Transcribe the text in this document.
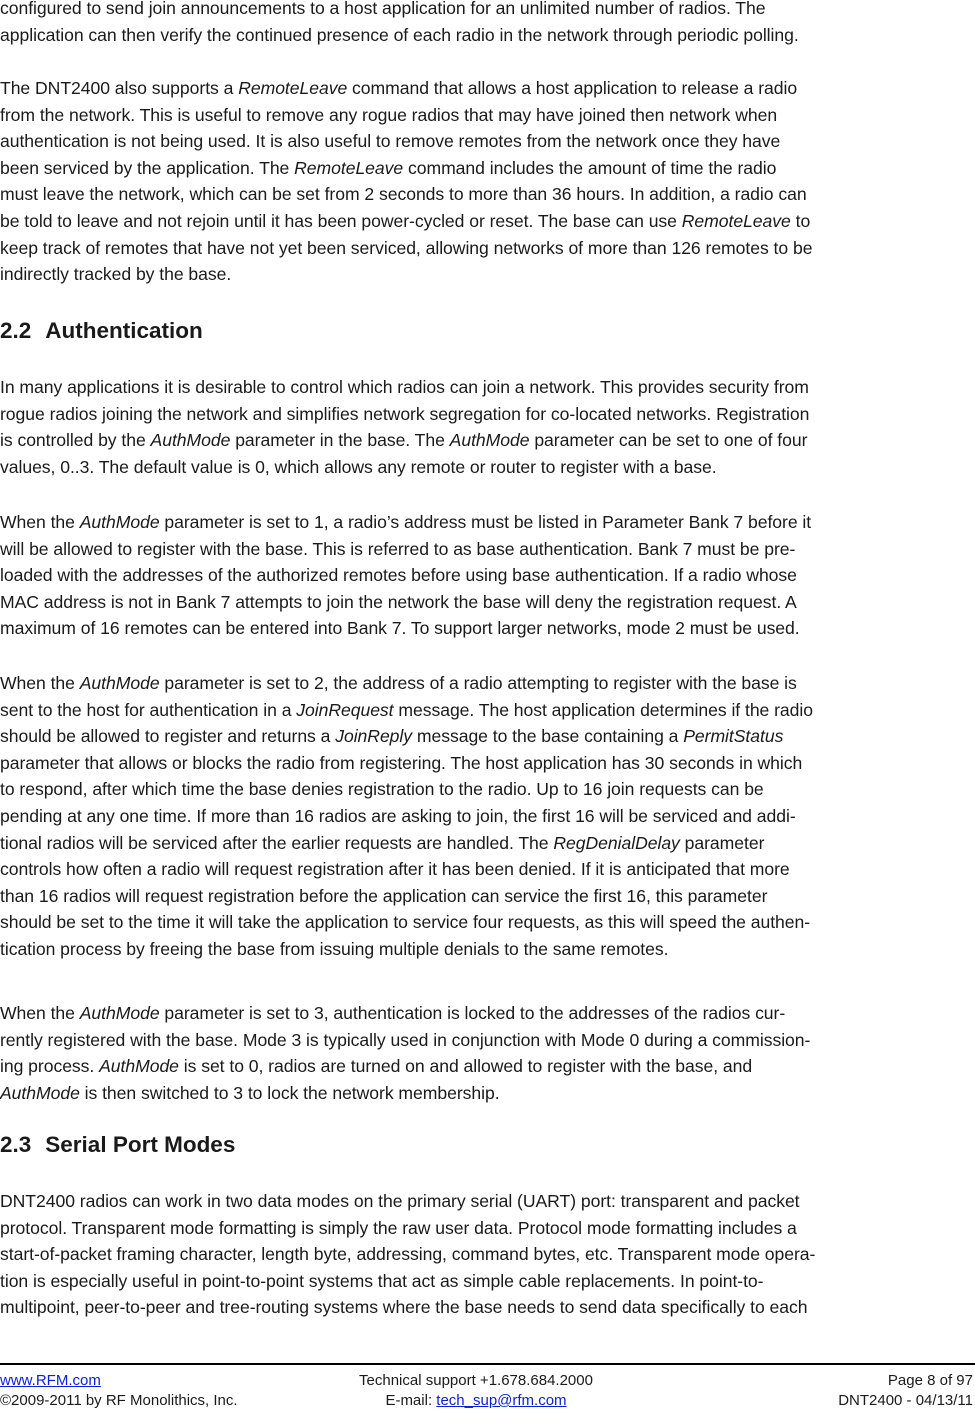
configured to send join announcements to a host application for an unlimited number of radios. The
application can then verify the continued presence of each radio in the network through periodic polling.

The DNT2400 also supports a RemoteLeave command that allows a host application to release a radio
from the network. This is useful to remove any rogue radios that may have joined then network when
authentication is not being used. It is also useful to remove remotes from the network once they have
been serviced by the application. The RemoteLeave command includes the amount of time the radio
must leave the network, which can be set from 2 seconds to more than 36 hours. In addition, a radio can
be told to leave and not rejoin until it has been power-cycled or reset. The base can use RemoteLeave to
keep track of remotes that have not yet been serviced, allowing networks of more than 126 remotes to be
indirectly tracked by the base.

2.2 Authentication

In many applications it is desirable to control which radios can join a network. This provides security from
rogue radios joining the network and simplifies network segregation for co-located networks. Registration
is controlled by the AuthMode parameter in the base. The AuthMode parameter can be set to one of four
values, 0..3. The default value is 0, which allows any remote or router to register with a base.

When the AuthMode parameter is set to 1, a radio’s address must be listed in Parameter Bank 7 before it
will be allowed to register with the base. This is referred to as base authentication. Bank 7 must be pre-
loaded with the addresses of the authorized remotes before using base authentication. If a radio whose
MAC address is not in Bank 7 attempts to join the network the base will deny the registration request. A
maximum of 16 remotes can be entered into Bank 7. To support larger networks, mode 2 must be used.

When the AuthMode parameter is set to 2, the address of a radio attempting to register with the base is
sent to the host for authentication in a JoinRequest message. The host application determines if the radio
should be allowed to register and returns a JoinReply message to the base containing a PermitStatus
parameter that allows or blocks the radio from registering. The host application has 30 seconds in which
to respond, after which time the base denies registration to the radio. Up to 16 join requests can be
pending at any one time. If more than 16 radios are asking to join, the first 16 will be serviced and addi-
tional radios will be serviced after the earlier requests are handled. The RegDenialDelay parameter
controls how often a radio will request registration after it has been denied. If it is anticipated that more
than 16 radios will request registration before the application can service the first 16, this parameter
should be set to the time it will take the application to service four requests, as this will speed the authen-
tication process by freeing the base from issuing multiple denials to the same remotes.

When the AuthMode parameter is set to 3, authentication is locked to the addresses of the radios cur-
rently registered with the base. Mode 3 is typically used in conjunction with Mode 0 during a commission-
ing process. AuthMode is set to 0, radios are turned on and allowed to register with the base, and
AuthMode is then switched to 3 to lock the network membership.

2.3 Serial Port Modes

DNT2400 radios can work in two data modes on the primary serial (UART) port: transparent and packet
protocol. Transparent mode formatting is simply the raw user data. Protocol mode formatting includes a
start-of-packet framing character, length byte, addressing, command bytes, etc. Transparent mode opera-
tion is especially useful in point-to-point systems that act as simple cable replacements. In point-to-
multipoint, peer-to-peer and tree-routing systems where the base needs to send data specifically to each

www.RFM.com
©2009-2011 by RF Monolithics, Inc.
Technical support +1.678.684.2000
E-mail: tech_sup@rfm.com
Page 8 of 97
DNT2400 - 04/13/11
